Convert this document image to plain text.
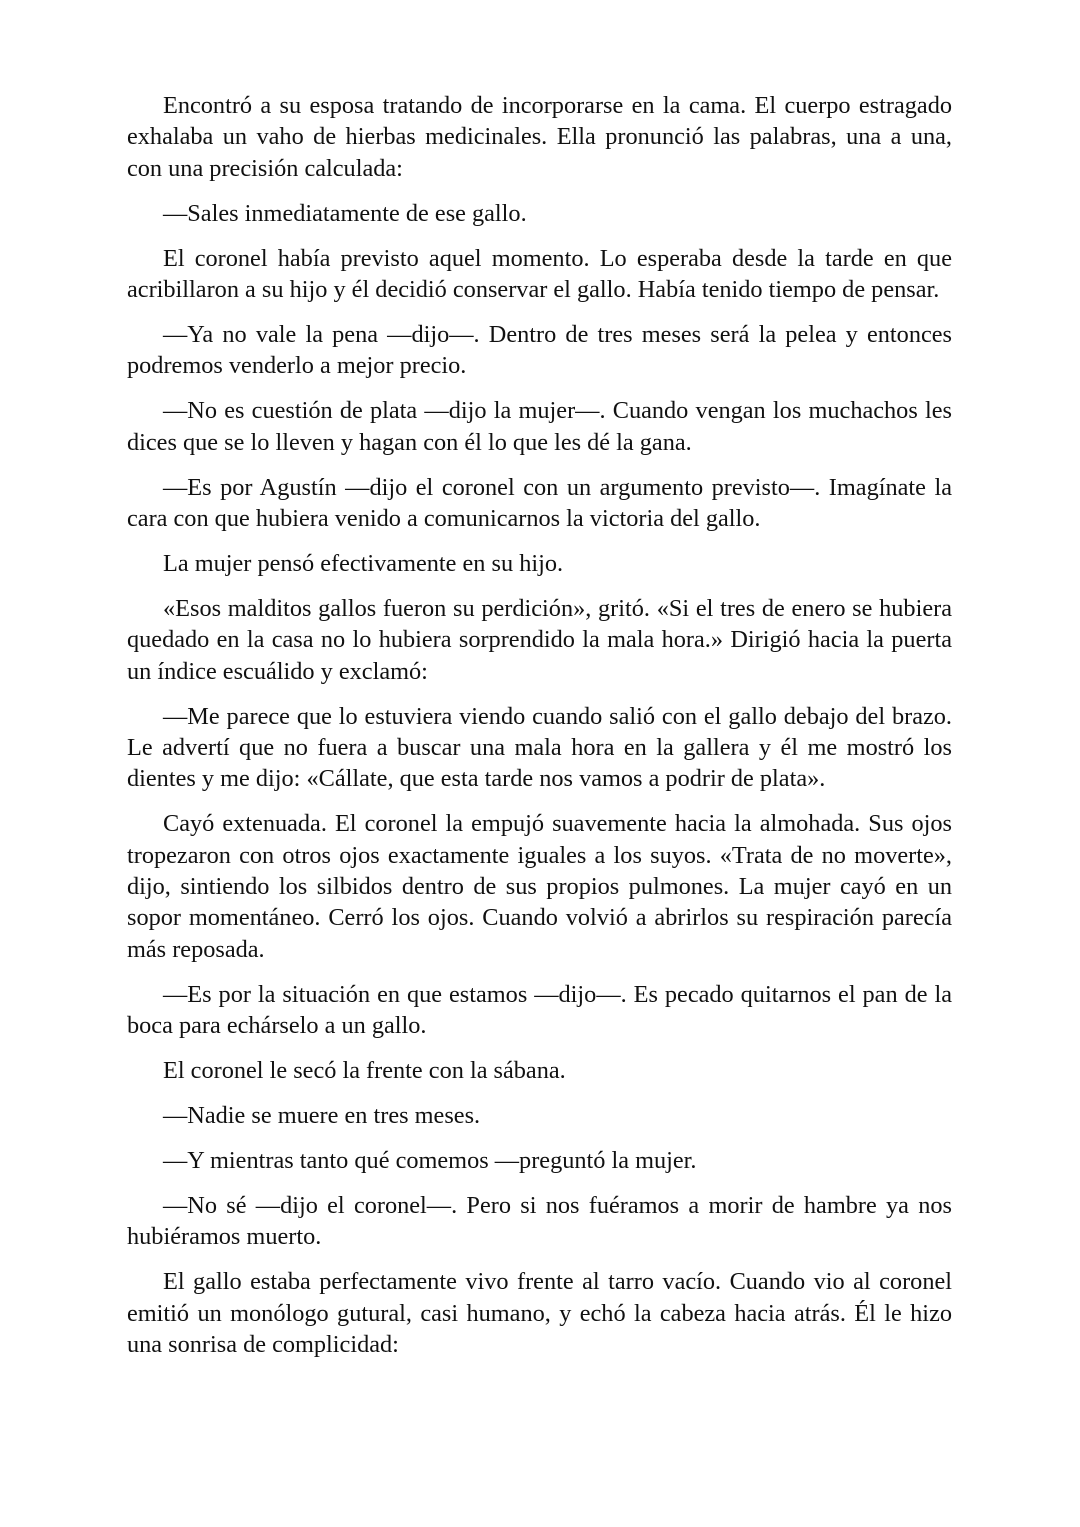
Encontró a su esposa tratando de incorporarse en la cama. El cuerpo estragado exhalaba un vaho de hierbas medicinales. Ella pronunció las palabras, una a una, con una precisión calculada:

—Sales inmediatamente de ese gallo.

El coronel había previsto aquel momento. Lo esperaba desde la tarde en que acribillaron a su hijo y él decidió conservar el gallo. Había tenido tiempo de pensar.

—Ya no vale la pena —dijo—. Dentro de tres meses será la pelea y entonces podremos venderlo a mejor precio.

—No es cuestión de plata —dijo la mujer—. Cuando vengan los muchachos les dices que se lo lleven y hagan con él lo que les dé la gana.

—Es por Agustín —dijo el coronel con un argumento previsto—. Imagínate la cara con que hubiera venido a comunicarnos la victoria del gallo.

La mujer pensó efectivamente en su hijo.

«Esos malditos gallos fueron su perdición», gritó. «Si el tres de enero se hubiera quedado en la casa no lo hubiera sorprendido la mala hora.» Dirigió hacia la puerta un índice escuálido y exclamó:

—Me parece que lo estuviera viendo cuando salió con el gallo debajo del brazo. Le advertí que no fuera a buscar una mala hora en la gallera y él me mostró los dientes y me dijo: «Cállate, que esta tarde nos vamos a podrir de plata».

Cayó extenuada. El coronel la empujó suavemente hacia la almohada. Sus ojos tropezaron con otros ojos exactamente iguales a los suyos. «Trata de no moverte», dijo, sintiendo los silbidos dentro de sus propios pulmones. La mujer cayó en un sopor momentáneo. Cerró los ojos. Cuando volvió a abrirlos su respiración parecía más reposada.

—Es por la situación en que estamos —dijo—. Es pecado quitarnos el pan de la boca para echárselo a un gallo.

El coronel le secó la frente con la sábana.

—Nadie se muere en tres meses.

—Y mientras tanto qué comemos —preguntó la mujer.

—No sé —dijo el coronel—. Pero si nos fuéramos a morir de hambre ya nos hubiéramos muerto.

El gallo estaba perfectamente vivo frente al tarro vacío. Cuando vio al coronel emitió un monólogo gutural, casi humano, y echó la cabeza hacia atrás. Él le hizo una sonrisa de complicidad:
